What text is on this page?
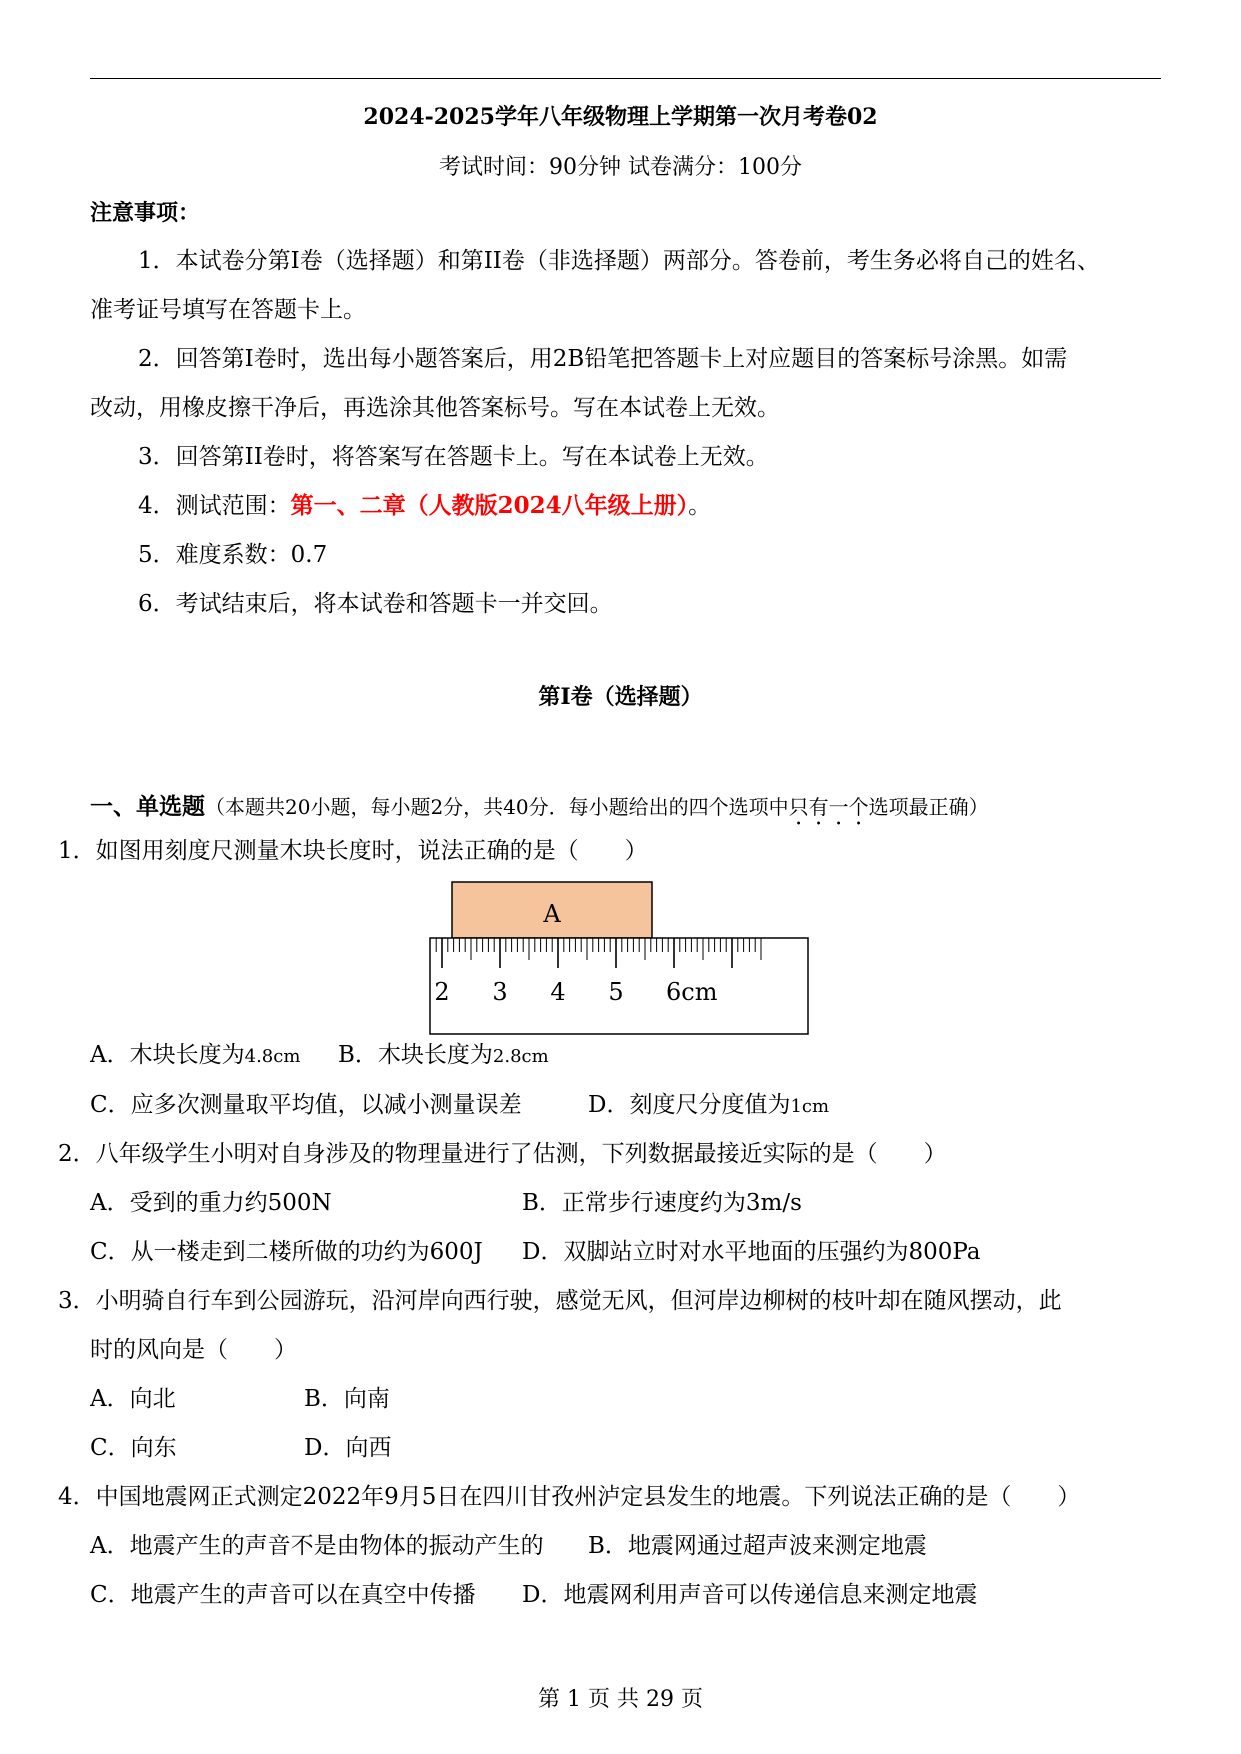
2024-2025学年八年级物理上学期第一次月考卷02
考试时间：90分钟 试卷满分：100分
注意事项：
1．本试卷分第I卷（选择题）和第II卷（非选择题）两部分。答卷前，考生务必将自己的姓名、
准考证号填写在答题卡上。
2．回答第I卷时，选出每小题答案后，用2B铅笔把答题卡上对应题目的答案标号涂黑。如需
改动，用橡皮擦干净后，再选涂其他答案标号。写在本试卷上无效。
3．回答第II卷时，将答案写在答题卡上。写在本试卷上无效。
4．测试范围：第一、二章（人教版2024八年级上册）。
5．难度系数：0.7
6．考试结束后，将本试卷和答题卡一并交回。
第Ⅰ卷（选择题）
一、单选题（本题共20小题，每小题2分，共40分．每小题给出的四个选项中只有一个选项最正确）
1．如图用刻度尺测量木块长度时，说法正确的是（　　）
A
2 3 4 5 6cm
A．木块长度为4.8cm B．木块长度为2.8cm
C．应多次测量取平均值，以减小测量误差	D．刻度尺分度值为1cm
2．八年级学生小明对自身涉及的物理量进行了估测，下列数据最接近实际的是（　　）
A．受到的重力约500N	B．正常步行速度约为3m/s
C．从一楼走到二楼所做的功约为600J D．双脚站立时对水平地面的压强约为800Pa
3．小明骑自行车到公园游玩，沿河岸向西行驶，感觉无风，但河岸边柳树的枝叶却在随风摆动，此
时的风向是（　　）
A．向北	B．向南
C．向东	D．向西
4．中国地震网正式测定2022年9月5日在四川甘孜州泸定县发生的地震。下列说法正确的是（　　）
A．地震产生的声音不是由物体的振动产生的 B．地震网通过超声波来测定地震
C．地震产生的声音可以在真空中传播 D．地震网利用声音可以传递信息来测定地震
第 1 页 共 29 页
